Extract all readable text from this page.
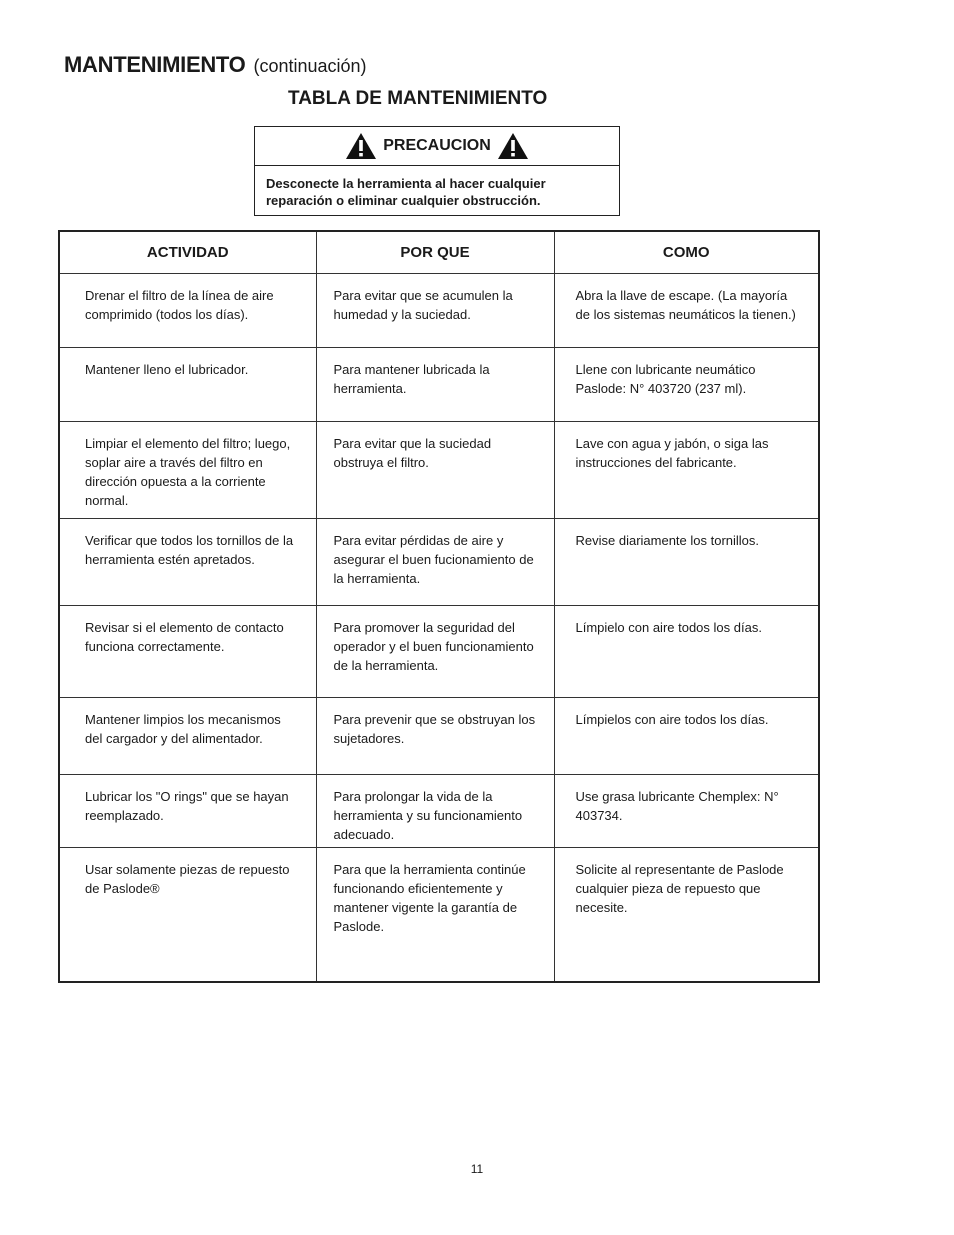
MANTENIMIENTO (continuación)
TABLA DE MANTENIMIENTO
PRECAUCION
Desconecte la herramienta al hacer cualquier reparación o eliminar cualquier obstrucción.
ACTIVIDAD	POR QUE	COMO

Drenar el filtro de la línea de aire comprimido (todos los días).	Para evitar que se acumulen la humedad y la suciedad.	Abra la llave de escape. (La mayoría de los sistemas neumáticos la tienen.)

Mantener lleno el lubricador.	Para mantener lubricada la herramienta.	Llene con lubricante neumático Paslode: N° 403720 (237 ml).

Limpiar el elemento del filtro; luego, soplar aire a través del filtro en dirección opuesta a la corriente normal.	Para evitar que la suciedad obstruya el filtro.	Lave con agua y jabón, o siga las instrucciones del fabricante.

Verificar que todos los tornillos de la herramienta estén apretados.	Para evitar pérdidas de aire y asegurar el buen fucionamiento de la herramienta.	Revise diariamente los tornillos.

Revisar si el elemento de contacto funciona correctamente.	Para promover la seguridad del operador y el buen funcionamiento de la herramienta.	Límpielo con aire todos los días.

Mantener limpios los mecanismos del cargador y del alimentador.	Para prevenir que se obstruyan los sujetadores.	Límpielos con aire todos los días.

Lubricar los "O rings" que se hayan reemplazado.	Para prolongar la vida de la herramienta y su funcionamiento adecuado.	Use grasa lubricante Chemplex: N° 403734.

Usar solamente piezas de repuesto de Paslode®	Para que la herramienta continúe funcionando eficientemente y mantener vigente la garantía de Paslode.	Solicite al representante de Paslode cualquier pieza de repuesto que necesite.
11
